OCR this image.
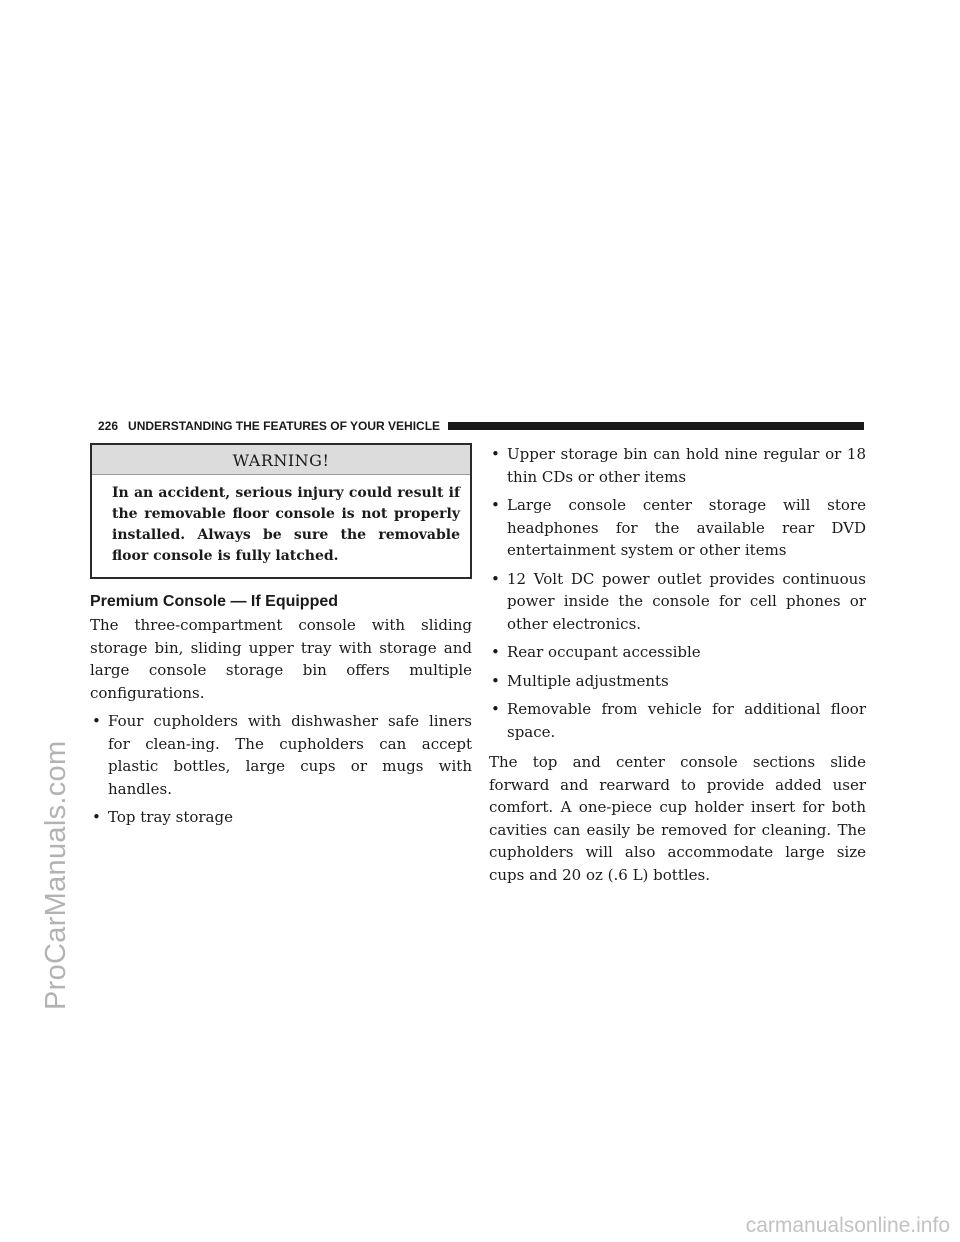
ProCarManuals.com
carmanualsonline.info
226 UNDERSTANDING THE FEATURES OF YOUR VEHICLE
WARNING!
In an accident, serious injury could result if the removable floor console is not properly installed. Always be sure the removable floor console is fully latched.
Premium Console — If Equipped

The three-compartment console with sliding storage bin, sliding upper tray with storage and large console storage bin offers multiple configurations.

• Four cupholders with dishwasher safe liners for clean-ing. The cupholders can accept plastic bottles, large cups or mugs with handles.
• Top tray storage
• Upper storage bin can hold nine regular or 18 thin CDs or other items
• Large console center storage will store headphones for the available rear DVD entertainment system or other items
• 12 Volt DC power outlet provides continuous power inside the console for cell phones or other electronics.
• Rear occupant accessible
• Multiple adjustments
• Removable from vehicle for additional floor space.

The top and center console sections slide forward and rearward to provide added user comfort. A one-piece cup holder insert for both cavities can easily be removed for cleaning. The cupholders will also accommodate large size cups and 20 oz (.6 L) bottles.
